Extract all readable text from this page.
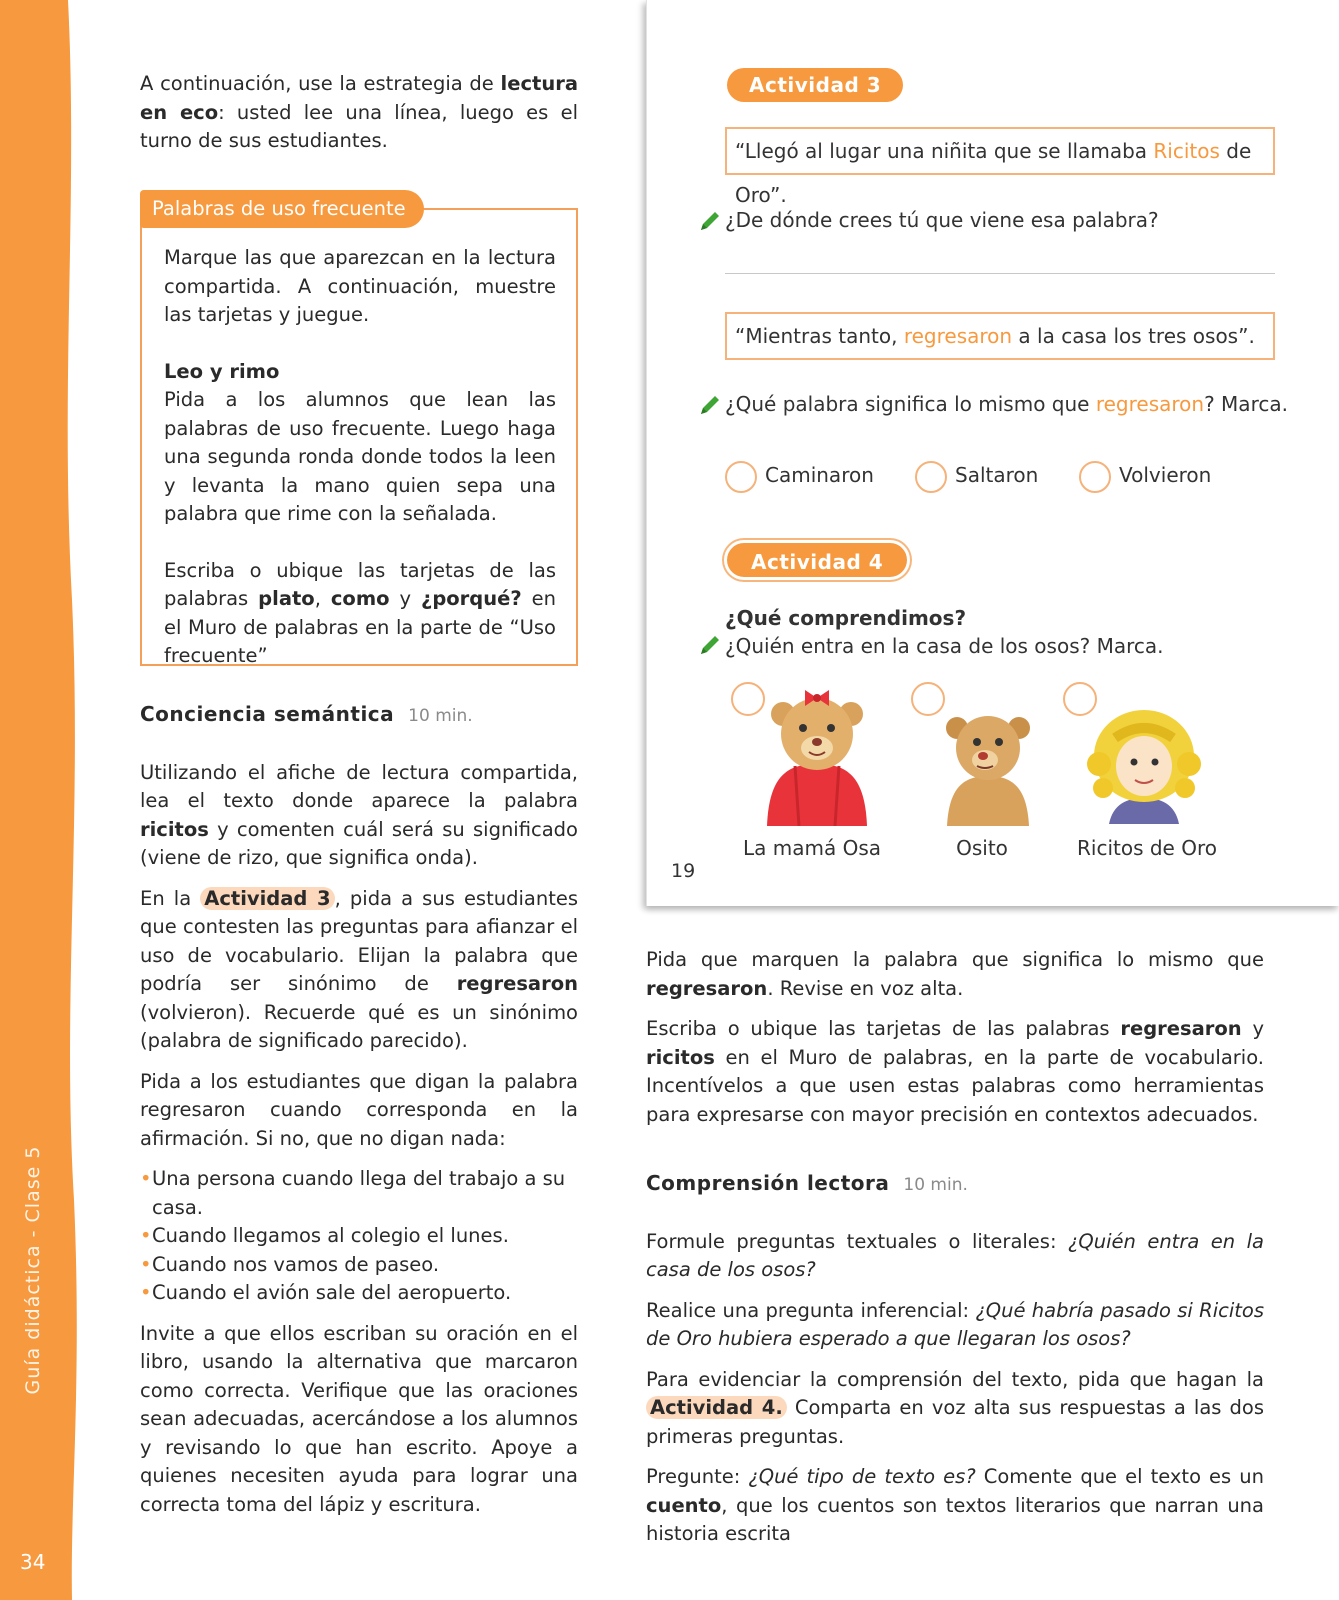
Guía didáctica - Clase 5
34

A continuación, use la estrategia de lectura en eco: usted lee una línea, luego es el turno de sus estudiantes.

Marque las que aparezcan en la lectura compartida. A continuación, muestre las tarjetas y juegue.

Leo y rimo

Pida a los alumnos que lean las palabras de uso frecuente. Luego haga una segunda ronda donde todos la leen y levanta la mano quien sepa una palabra que rime con la señalada.

Escriba o ubique las tarjetas de las palabras plato, como y ¿porqué? en el Muro de palabras en la parte de “Uso frecuente”

Palabras de uso frecuente

Conciencia semántica 10 min.

Utilizando el afiche de lectura compartida, lea el texto donde aparece la palabra ricitos y comenten cuál será su significado (viene de rizo, que significa onda).

En la Actividad 3 , pida a sus estudiantes que contesten las preguntas para afianzar el uso de vocabulario. Elijan la palabra que podría ser sinónimo de regresaron (volvieron). Recuerde qué es un sinónimo (palabra de significado parecido).

Pida a los estudiantes que digan la palabra regresaron cuando corresponda en la afirmación. Si no, que no digan nada:

• Una persona cuando llega del trabajo a su casa.
• Cuando llegamos al colegio el lunes.
• Cuando nos vamos de paseo.
• Cuando el avión sale del aeropuerto.

Invite a que ellos escriban su oración en el libro, usando la alternativa que marcaron como correcta. Verifique que las oraciones sean adecuadas, acercándose a los alumnos y revisando lo que han escrito. Apoye a quienes necesiten ayuda para lograr una correcta toma del lápiz y escritura.

Actividad 3
“Llegó al lugar una niñita que se llamaba Ricitos de Oro”.
¿De dónde crees tú que viene esa palabra?
“Mientras tanto, regresaron a la casa los tres osos”.
¿Qué palabra significa lo mismo que regresaron? Marca.
Caminaron	Saltaron	Volvieron
Actividad 4
¿Qué comprendimos?
¿Quién entra en la casa de los osos? Marca.
La mamá Osa	Osito	Ricitos de Oro
19

Pida que marquen la palabra que significa lo mismo que regresaron. Revise en voz alta.

Escriba o ubique las tarjetas de las palabras regresaron y ricitos en el Muro de palabras, en la parte de vocabulario. Incentívelos a que usen estas palabras como herramientas para expresarse con mayor precisión en contextos adecuados.

Comprensión lectora 10 min.

Formule preguntas textuales o literales: ¿Quién entra en la casa de los osos?

Realice una pregunta inferencial: ¿Qué habría pasado si Ricitos de Oro hubiera esperado a que llegaran los osos?

Para evidenciar la comprensión del texto, pida que hagan la Actividad 4. Comparta en voz alta sus respuestas a las dos primeras preguntas.

Pregunte: ¿Qué tipo de texto es? Comente que el texto es un cuento, que los cuentos son textos literarios que narran una historia escrita
